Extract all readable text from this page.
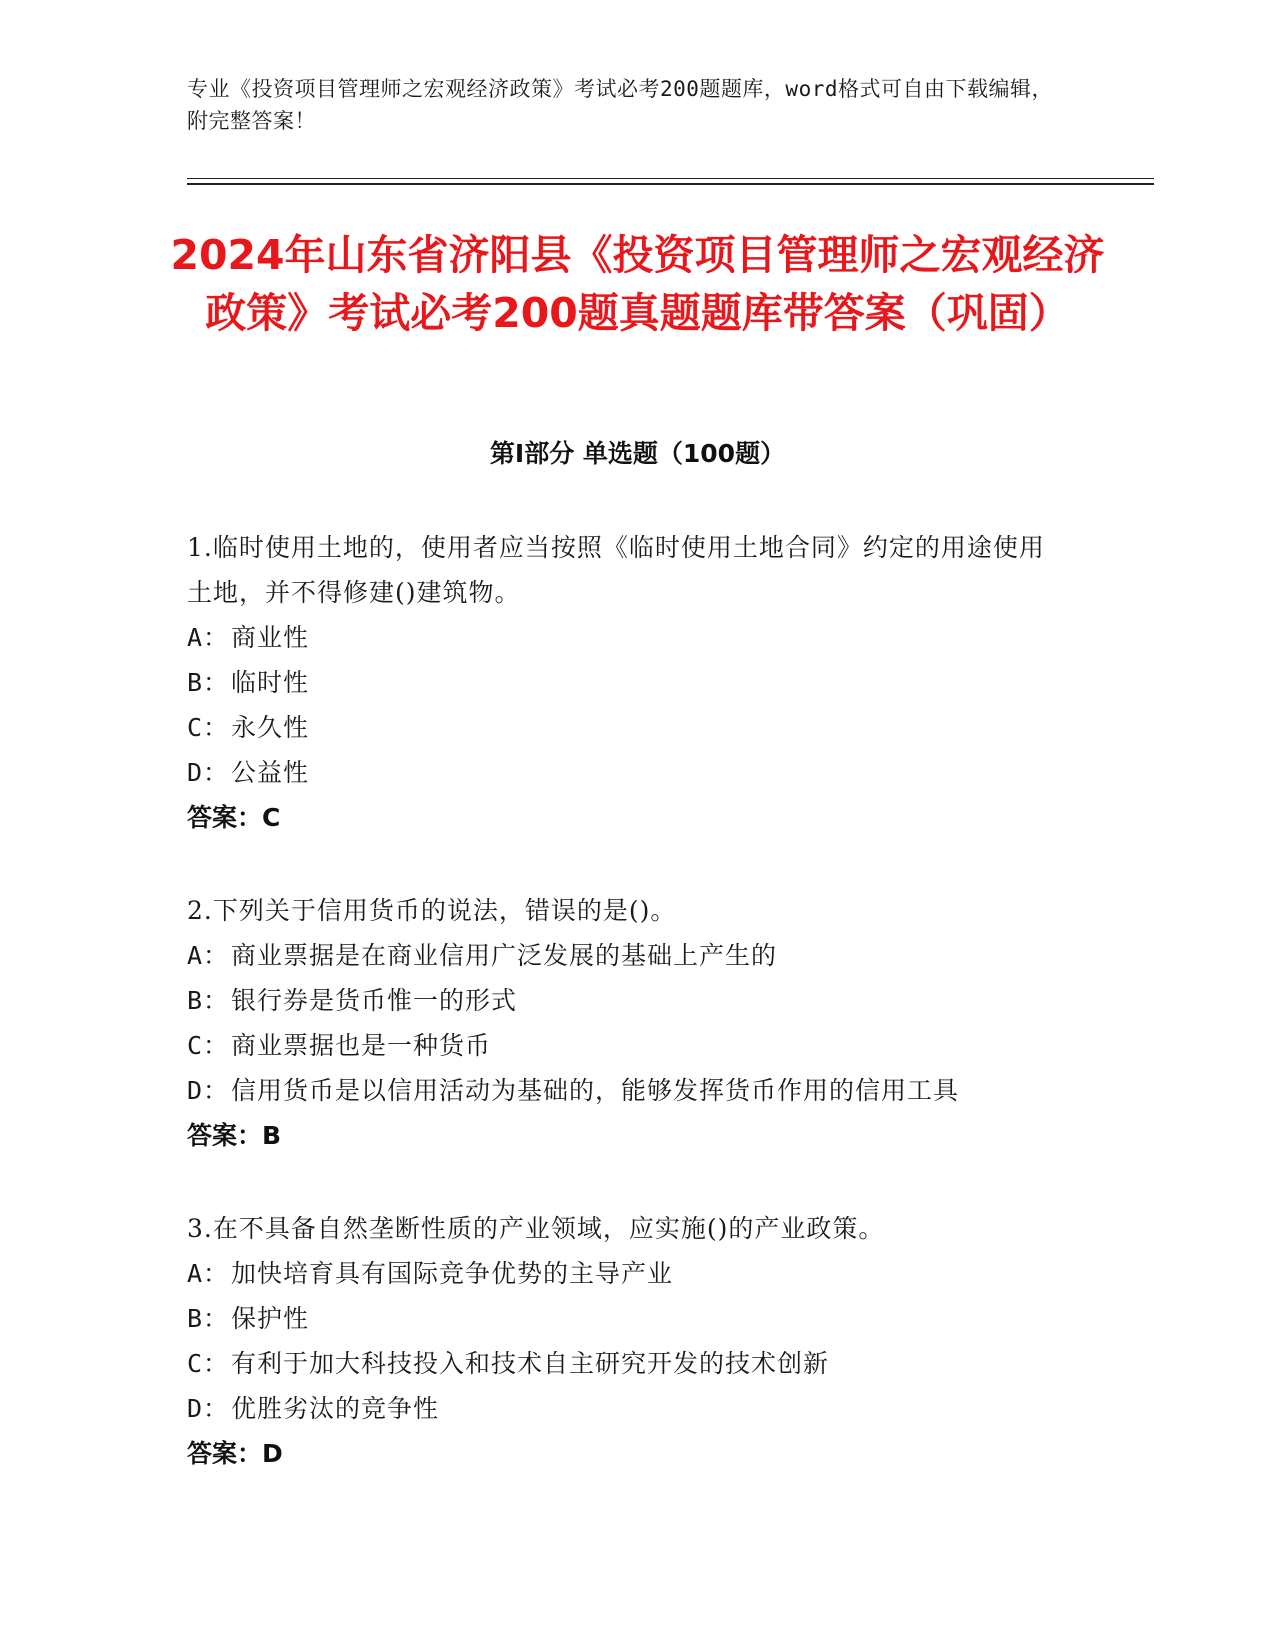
专业《投资项目管理师之宏观经济政策》考试必考200题题库，word格式可自由下载编辑，附完整答案！
2024年山东省济阳县《投资项目管理师之宏观经济政策》考试必考200题真题题库带答案（巩固）
第Ⅰ部分 单选题（100题）
1.临时使用土地的，使用者应当按照《临时使用土地合同》约定的用途使用土地，并不得修建()建筑物。
A：商业性
B：临时性
C：永久性
D：公益性
答案：C
2.下列关于信用货币的说法，错误的是()。
A：商业票据是在商业信用广泛发展的基础上产生的
B：银行券是货币惟一的形式
C：商业票据也是一种货币
D：信用货币是以信用活动为基础的，能够发挥货币作用的信用工具
答案：B
3.在不具备自然垄断性质的产业领域，应实施()的产业政策。
A：加快培育具有国际竞争优势的主导产业
B：保护性
C：有利于加大科技投入和技术自主研究开发的技术创新
D：优胜劣汰的竞争性
答案：D
